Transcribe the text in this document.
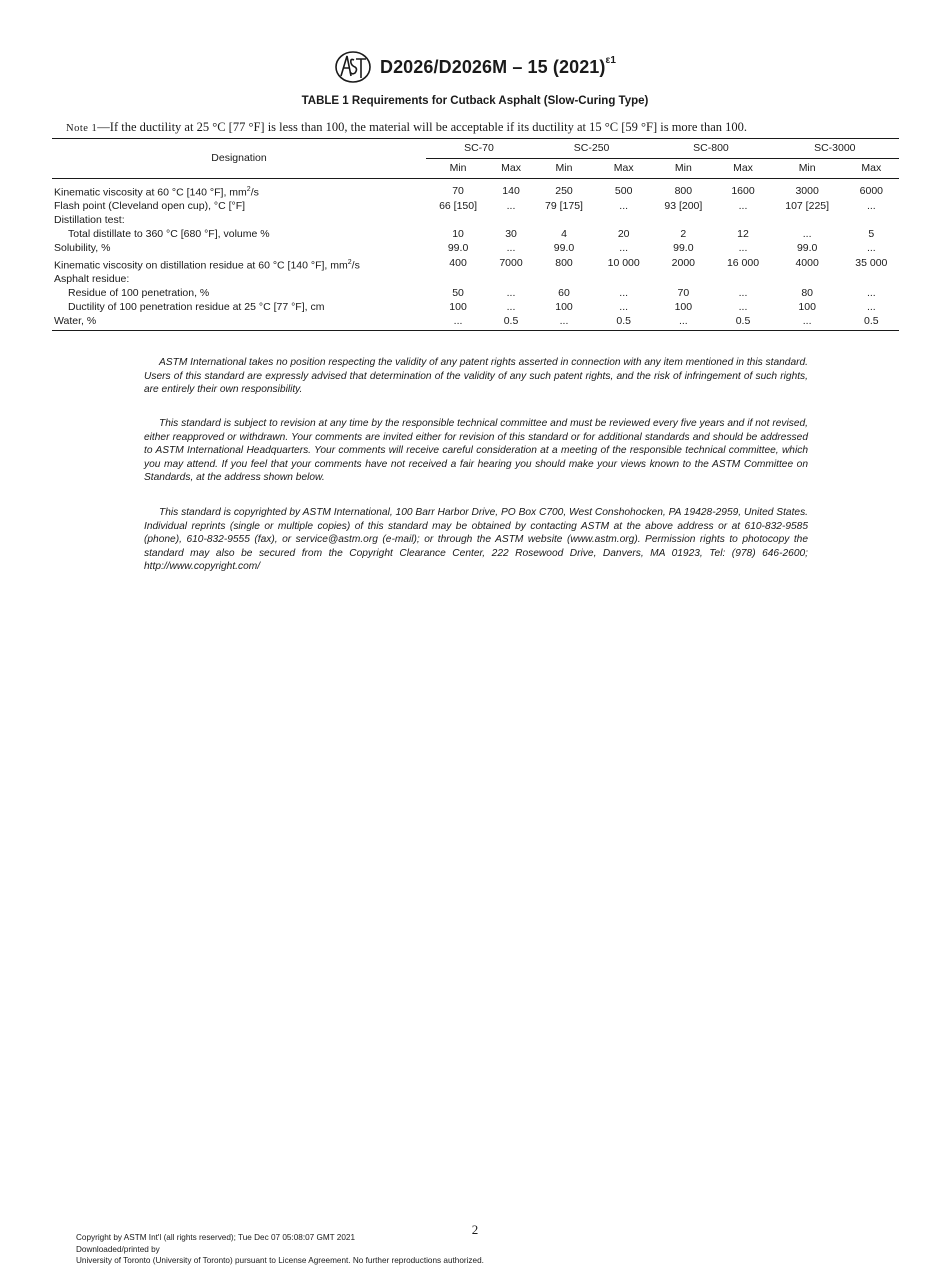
D2026/D2026M – 15 $(2021)^{\varepsilon 1}$
TABLE 1 Requirements for Cutback Asphalt (Slow-Curing Type)
Note 1—If the ductility at 25 °C [77 °F] is less than 100, the material will be acceptable if its ductility at 15 °C [59 °F] is more than 100.
Designation	SC-70		SC-250		SC-800		SC-3000	
	Min	Max	Min	Max	Min	Max	Min	Max
Kinematic viscosity at 60 °C [140 °F], $mm^2/s$	70	140	250	500	800	1600	3000	6000
Flash point (Cleveland open cup), °C [°F]	66 [150]	...	79 [175]	...	93 [200]	...	107 [225]	...
Distillation test:								
Total distillate to 360 °C [680 °F], volume %	10	30	4	20	2	12	...	5
Solubility, %	99.0	...	99.0	...	99.0	...	99.0	...
Kinematic viscosity on distillation residue at 60 °C [140 °F], $mm^2/s$	400	7000	800	10 000	2000	16 000	4000	35 000
Asphalt residue:								
Residue of 100 penetration, %	50	...	60	...	70	...	80	...
Ductility of 100 penetration residue at 25 °C [77 °F], cm	100	...	100	...	100	...	100	...
Water, %	...	0.5	...	0.5	...	0.5	...	0.5

ASTM International takes no position respecting the validity of any patent rights asserted in connection with any item mentioned in this standard. Users of this standard are expressly advised that determination of the validity of any such patent rights, and the risk of infringement of such rights, are entirely their own responsibility.

This standard is subject to revision at any time by the responsible technical committee and must be reviewed every five years and if not revised, either reapproved or withdrawn. Your comments are invited either for revision of this standard or for additional standards and should be addressed to ASTM International Headquarters. Your comments will receive careful consideration at a meeting of the responsible technical committee, which you may attend. If you feel that your comments have not received a fair hearing you should make your views known to the ASTM Committee on Standards, at the address shown below.

This standard is copyrighted by ASTM International, 100 Barr Harbor Drive, PO Box C700, West Conshohocken, PA 19428-2959, United States. Individual reprints (single or multiple copies) of this standard may be obtained by contacting ASTM at the above address or at 610-832-9585 (phone), 610-832-9555 (fax), or service@astm.org (e-mail); or through the ASTM website (www.astm.org). Permission rights to photocopy the standard may also be secured from the Copyright Clearance Center, 222 Rosewood Drive, Danvers, MA 01923, Tel: (978) 646-2600; http://www.copyright.com/

2
Copyright by ASTM Int'l (all rights reserved); Tue Dec 07 05:08:07 GMT 2021
Downloaded/printed by
University of Toronto (University of Toronto) pursuant to License Agreement. No further reproductions authorized.
